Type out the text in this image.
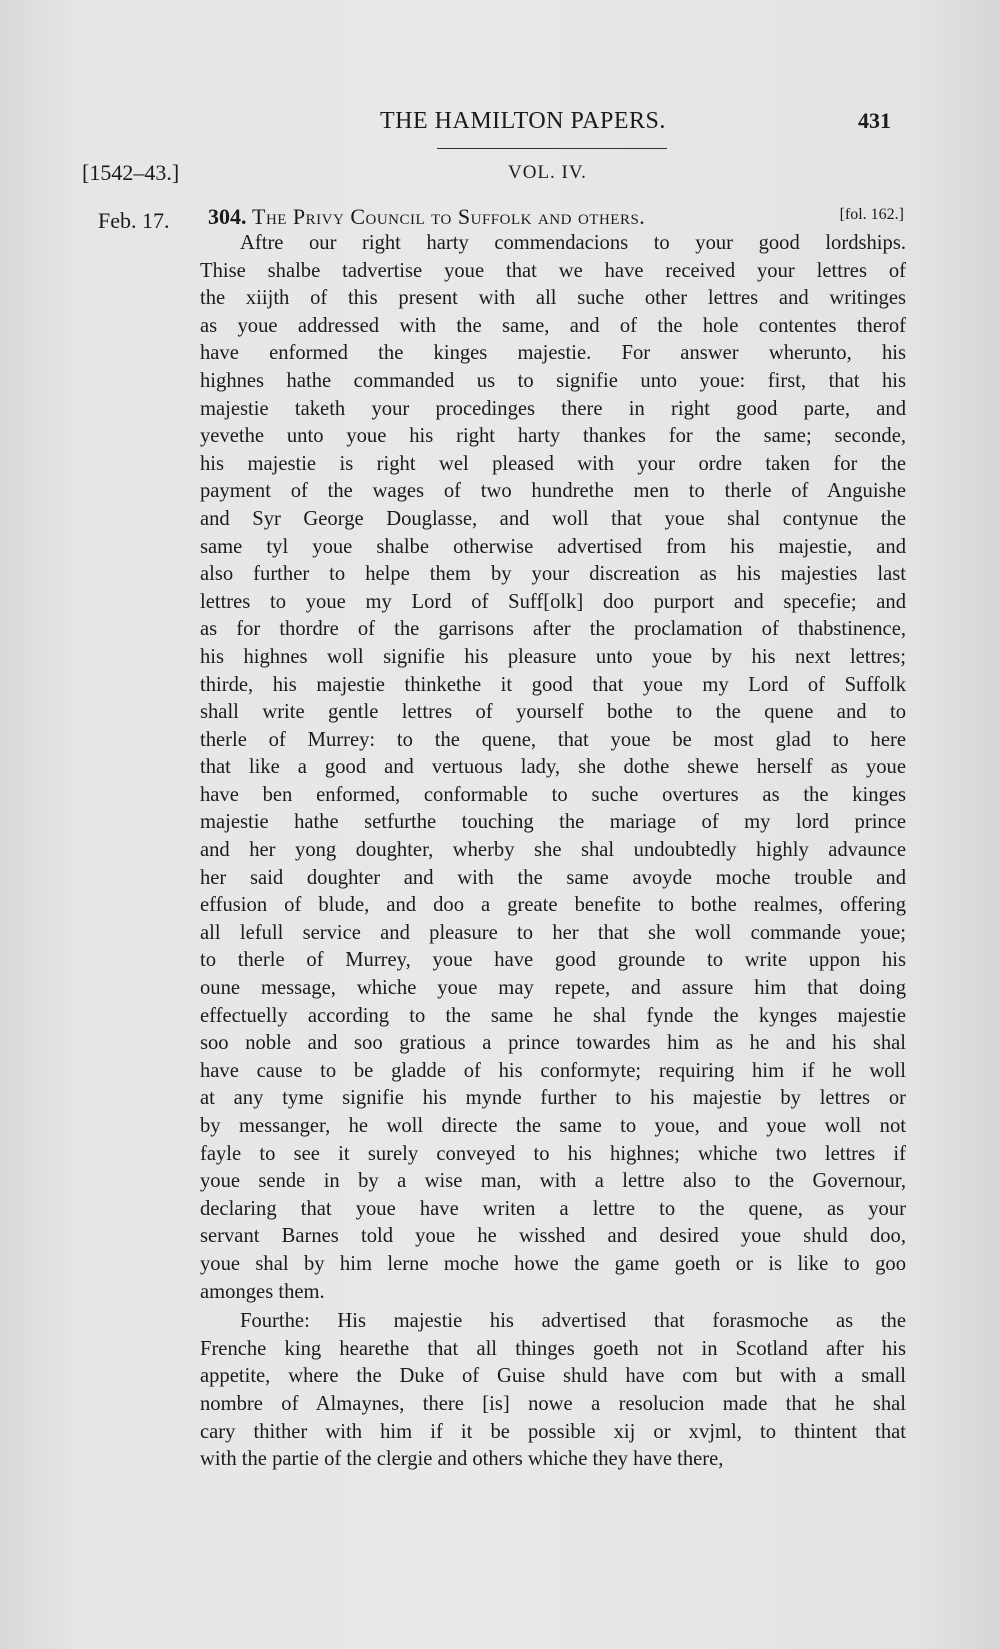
THE HAMILTON PAPERS.	431
[1542–43.]	VOL. IV.
Feb. 17. 304. The Privy Council to Suffolk and others.	[fol. 162.]
Aftre our right harty commendacions to your good lordships.
Thise shalbe tadvertise youe that we have received your lettres of
the xiijth of this present with all suche other lettres and writinges
as youe addressed with the same, and of the hole contentes therof
have enformed the kinges majestie. For answer wherunto, his
highnes hathe commanded us to signifie unto youe: first, that his
majestie taketh your procedinges there in right good parte, and
yevethe unto youe his right harty thankes for the same; seconde,
his majestie is right wel pleased with your ordre taken for the
payment of the wages of two hundrethe men to therle of Anguishe
and Syr George Douglasse, and woll that youe shal contynue the
same tyl youe shalbe otherwise advertised from his majestie, and
also further to helpe them by your discreation as his majesties last
lettres to youe my Lord of Suff[olk] doo purport and specefie; and
as for thordre of the garrisons after the proclamation of thabstinence,
his highnes woll signifie his pleasure unto youe by his next lettres;
thirde, his majestie thinkethe it good that youe my Lord of Suffolk
shall write gentle lettres of yourself bothe to the quene and to
therle of Murrey: to the quene, that youe be most glad to here
that like a good and vertuous lady, she dothe shewe herself as youe
have ben enformed, conformable to suche overtures as the kinges
majestie hathe setfurthe touching the mariage of my lord prince
and her yong doughter, wherby she shal undoubtedly highly advaunce
her said doughter and with the same avoyde moche trouble and
effusion of blude, and doo a greate benefite to bothe realmes, offering
all lefull service and pleasure to her that she woll commande youe;
to therle of Murrey, youe have good grounde to write uppon his
oune message, whiche youe may repete, and assure him that doing
effectuelly according to the same he shal fynde the kynges majestie
soo noble and soo gratious a prince towardes him as he and his shal
have cause to be gladde of his conformyte; requiring him if he woll
at any tyme signifie his mynde further to his majestie by lettres or
by messanger, he woll directe the same to youe, and youe woll not
fayle to see it surely conveyed to his highnes; whiche two lettres if
youe sende in by a wise man, with a lettre also to the Governour,
declaring that youe have writen a lettre to the quene, as your
servant Barnes told youe he wisshed and desired youe shuld doo,
youe shal by him lerne moche howe the game goeth or is like to goo
amonges them.
Fourthe: His majestie his advertised that forasmoche as the
Frenche king hearethe that all thinges goeth not in Scotland after his
appetite, where the Duke of Guise shuld have com but with a small
nombre of Almaynes, there [is] nowe a resolucion made that he shal
cary thither with him if it be possible xij or xvjml, to thintent that
with the partie of the clergie and others whiche they have there,
